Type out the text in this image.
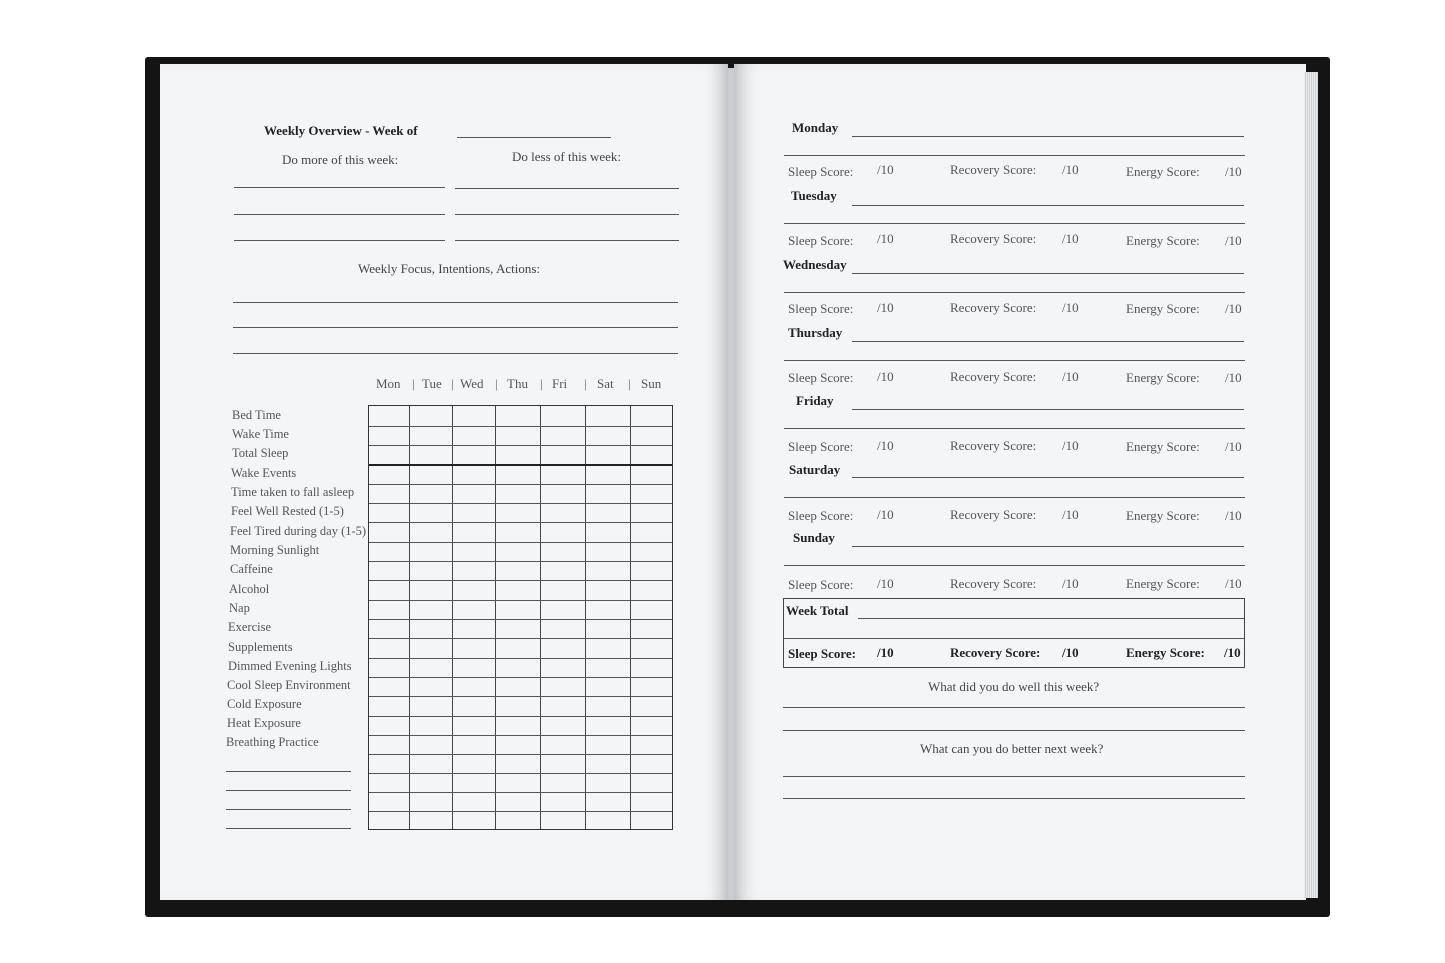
Weekly Overview - Week of
Do more of this week:	Do less of this week:
Weekly Focus, Intentions, Actions:
Mon | Tue | Wed | Thu | Fri | Sat | Sun
Bed Time
Wake Time
Total Sleep
Wake Events
Time taken to fall asleep
Feel Well Rested (1-5)
Feel Tired during day (1-5)
Morning Sunlight
Caffeine
Alcohol
Nap
Exercise
Supplements
Dimmed Evening Lights
Cool Sleep Environment
Cold Exposure
Heat Exposure
Breathing Practice
Monday
Sleep Score: /10	Recovery Score: /10	Energy Score: /10
Tuesday
Sleep Score: /10	Recovery Score: /10	Energy Score: /10
Wednesday
Sleep Score: /10	Recovery Score: /10	Energy Score: /10
Thursday
Sleep Score: /10	Recovery Score: /10	Energy Score: /10
Friday
Sleep Score: /10	Recovery Score: /10	Energy Score: /10
Saturday
Sleep Score: /10	Recovery Score: /10	Energy Score: /10
Sunday
Sleep Score: /10	Recovery Score: /10	Energy Score: /10
Week Total
Sleep Score: /10	Recovery Score: /10	Energy Score: /10
What did you do well this week?
What can you do better next week?
